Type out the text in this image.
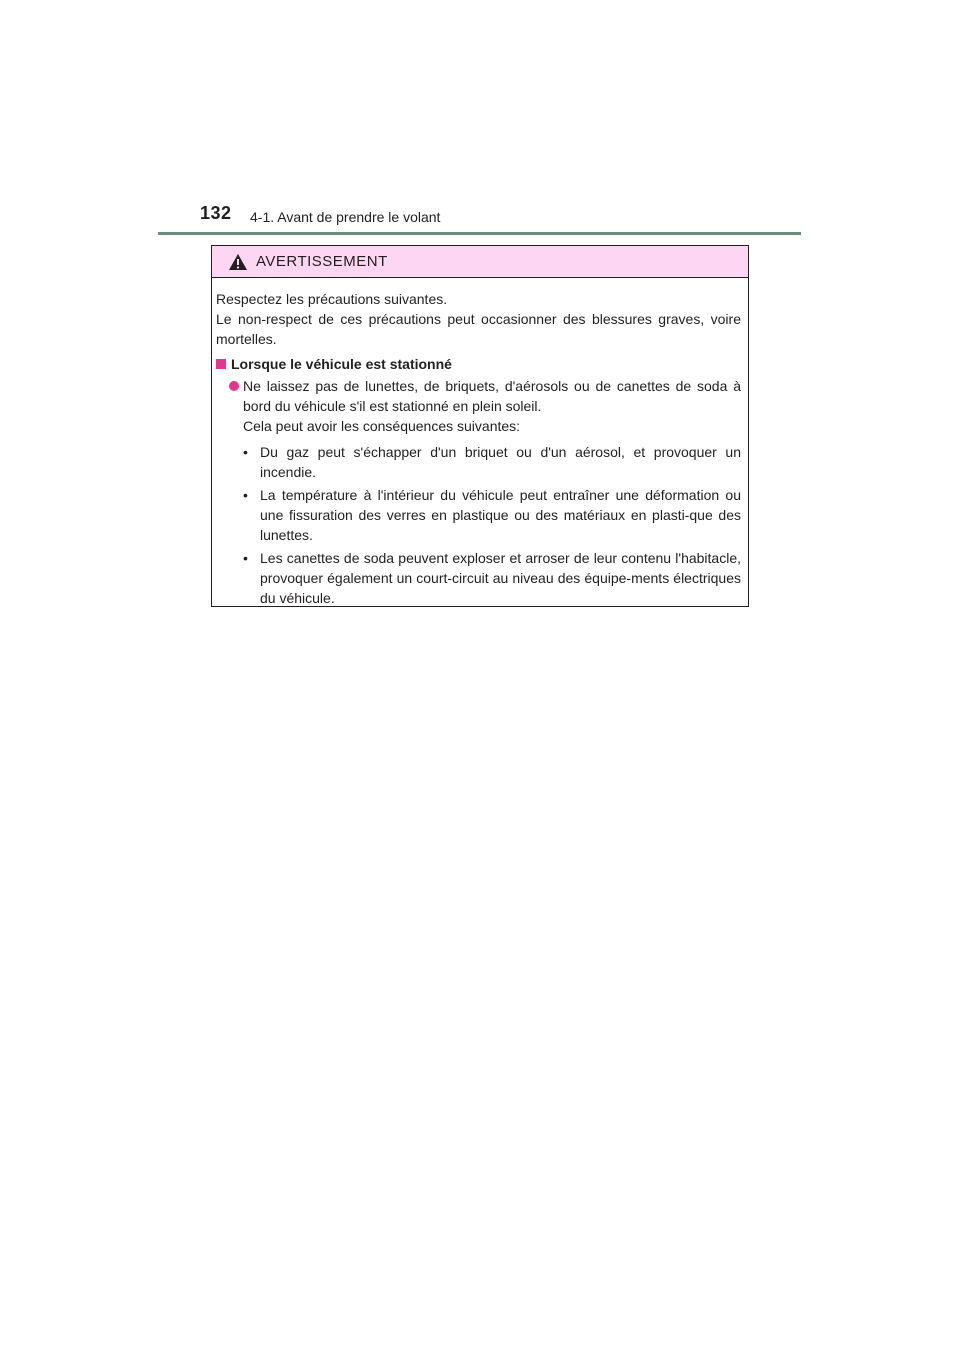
132 4-1. Avant de prendre le volant
AVERTISSEMENT

Respectez les précautions suivantes.

Le non-respect de ces précautions peut occasionner des blessures graves, voire mortelles.

Lorsque le véhicule est stationné
Ne laissez pas de lunettes, de briquets, d'aérosols ou de canettes de soda à bord du véhicule s'il est stationné en plein soleil.
Cela peut avoir les conséquences suivantes:
• Du gaz peut s'échapper d'un briquet ou d'un aérosol, et provoquer un incendie.
• La température à l'intérieur du véhicule peut entraîner une déformation ou une fissuration des verres en plastique ou des matériaux en plasti-que des lunettes.
• Les canettes de soda peuvent exploser et arroser de leur contenu l'habitacle, provoquer également un court-circuit au niveau des équipe-ments électriques du véhicule.
